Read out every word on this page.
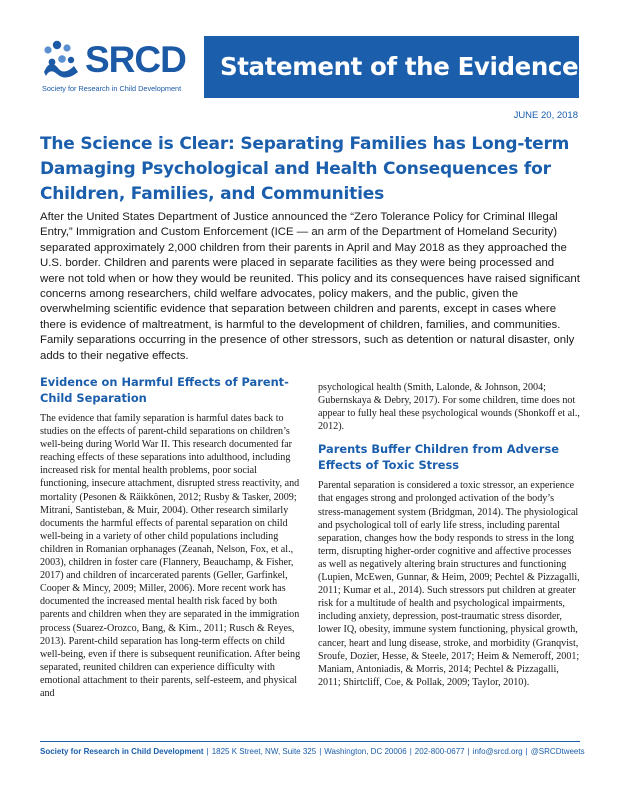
SRCD
Society for Research in Child Development
Statement of the Evidence
JUNE 20, 2018
The Science is Clear: Separating Families has Long-term Damaging Psychological and Health Consequences for Children, Families, and Communities

After the United States Department of Justice announced the “Zero Tolerance Policy for Criminal Illegal Entry,” Immigration and Custom Enforcement (ICE — an arm of the Department of Homeland Security) separated approximately 2,000 children from their parents in April and May 2018 as they approached the U.S. border. Children and parents were placed in separate facilities as they were being processed and were not told when or how they would be reunited. This policy and its consequences have raised significant concerns among researchers, child welfare advocates, policy makers, and the public, given the overwhelming scientific evidence that separation between children and parents, except in cases where there is evidence of maltreatment, is harmful to the development of children, families, and communities. Family separations occurring in the presence of other stressors, such as detention or natural disaster, only adds to their negative effects.

Evidence on Harmful Effects of Parent-Child Separation

The evidence that family separation is harmful dates back to studies on the effects of parent-child separations on children’s well-being during World War II. This research documented far reaching effects of these separations into adulthood, including increased risk for mental health problems, poor social functioning, insecure attachment, disrupted stress reactivity, and mortality (Pesonen & Räikkönen, 2012; Rusby & Tasker, 2009; Mitrani, Santisteban, & Muir, 2004). Other research similarly documents the harmful effects of parental separation on child well-being in a variety of other child populations including children in Romanian orphanages (Zeanah, Nelson, Fox, et al., 2003), children in foster care (Flannery, Beauchamp, & Fisher, 2017) and children of incarcerated parents (Geller, Garfinkel, Cooper & Mincy, 2009; Miller, 2006). More recent work has documented the increased mental health risk faced by both parents and children when they are separated in the immigration process (Suarez-Orozco, Bang, & Kim., 2011; Rusch & Reyes, 2013). Parent-child separation has long-term effects on child well-being, even if there is subsequent reunification. After being separated, reunited children can experience difficulty with emotional attachment to their parents, self-esteem, and physical and

psychological health (Smith, Lalonde, & Johnson, 2004; Gubernskaya & Debry, 2017). For some children, time does not appear to fully heal these psychological wounds (Shonkoff et al., 2012).

Parents Buffer Children from Adverse Effects of Toxic Stress

Parental separation is considered a toxic stressor, an experience that engages strong and prolonged activation of the body’s stress-management system (Bridgman, 2014). The physiological and psychological toll of early life stress, including parental separation, changes how the body responds to stress in the long term, disrupting higher-order cognitive and affective processes as well as negatively altering brain structures and functioning (Lupien, McEwen, Gunnar, & Heim, 2009; Pechtel & Pizzagalli, 2011; Kumar et al., 2014). Such stressors put children at greater risk for a multitude of health and psychological impairments, including anxiety, depression, post-traumatic stress disorder, lower IQ, obesity, immune system functioning, physical growth, cancer, heart and lung disease, stroke, and morbidity (Granqvist, Sroufe, Dozier, Hesse, & Steele, 2017; Heim & Nemeroff, 2001; Maniam, Antoniadis, & Morris, 2014; Pechtel & Pizzagalli, 2011; Shirtcliff, Coe, & Pollak, 2009; Taylor, 2010).

Society for Research in Child Development | 1825 K Street, NW, Suite 325 | Washington, DC 20006 | 202-800-0677 | info@srcd.org | @SRCDtweets
